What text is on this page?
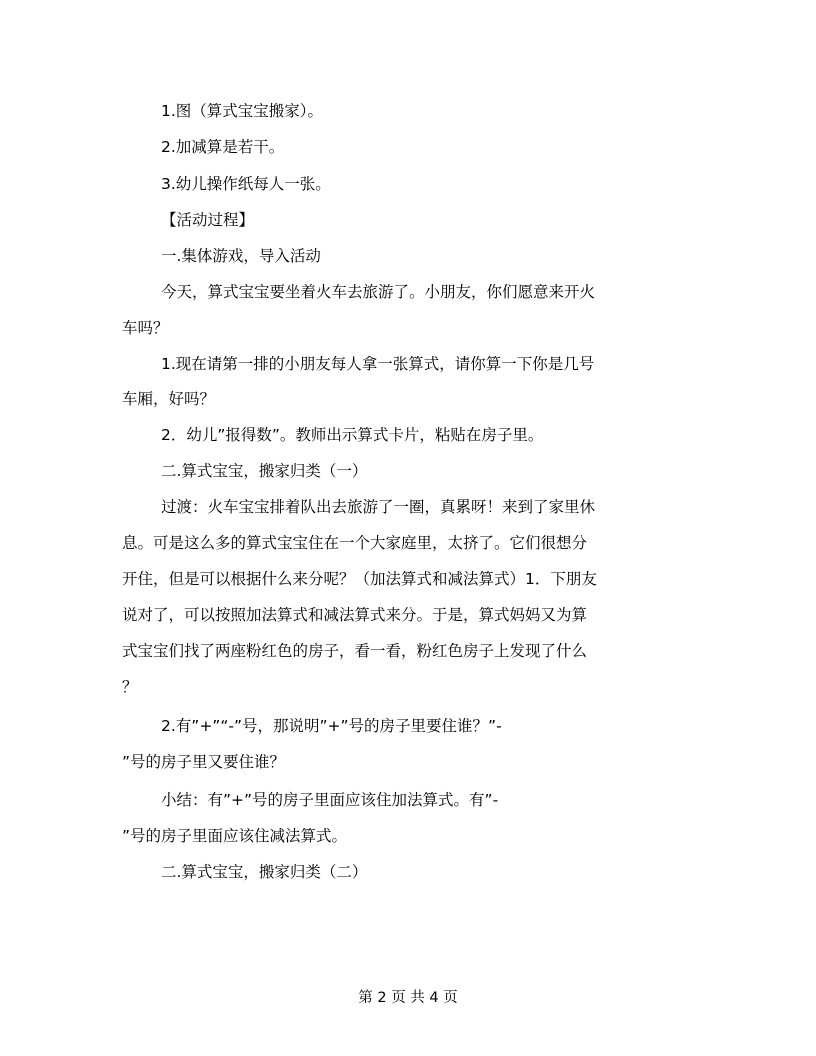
1.图（算式宝宝搬家）。
2.加减算是若干。
3.幼儿操作纸每人一张。
【活动过程】
一.集体游戏，导入活动
今天，算式宝宝要坐着火车去旅游了。小朋友，你们愿意来开火
车吗？
1.现在请第一排的小朋友每人拿一张算式，请你算一下你是几号
车厢，好吗？
2．幼儿”报得数”。教师出示算式卡片，粘贴在房子里。
二.算式宝宝，搬家归类（一）
过渡：火车宝宝排着队出去旅游了一圈，真累呀！来到了家里休
息。可是这么多的算式宝宝住在一个大家庭里，太挤了。它们很想分
开住，但是可以根据什么来分呢？（加法算式和减法算式）1．下朋友
说对了，可以按照加法算式和减法算式来分。于是，算式妈妈又为算
式宝宝们找了两座粉红色的房子，看一看，粉红色房子上发现了什么
？
2.有”+”“-”号，那说明”+”号的房子里要住谁？”-
”号的房子里又要住谁？
小结：有”+”号的房子里面应该住加法算式。有”-
”号的房子里面应该住减法算式。
二.算式宝宝，搬家归类（二）
第 2 页 共 4 页
